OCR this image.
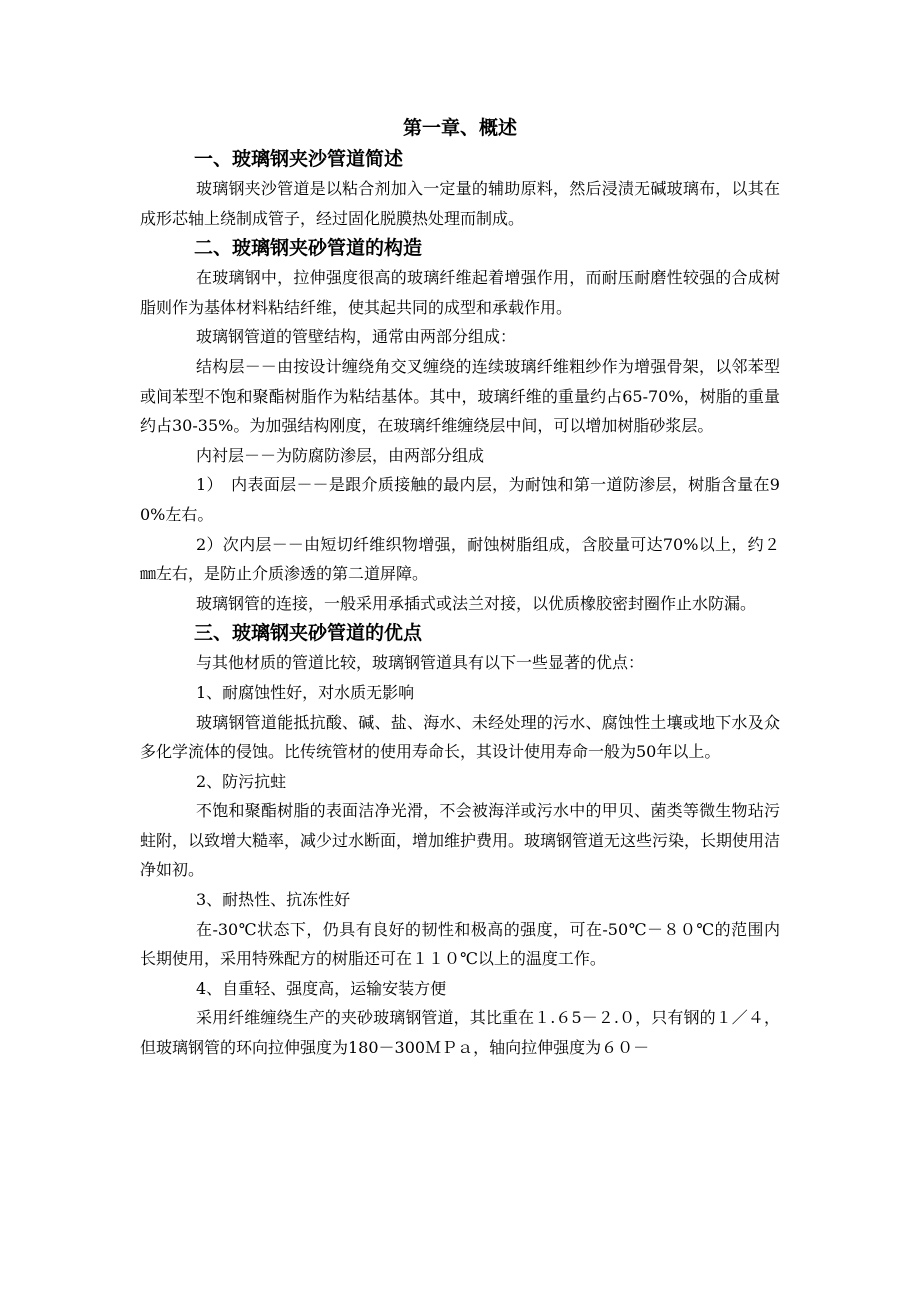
第一章、概述
一、玻璃钢夹沙管道简述

玻璃钢夹沙管道是以粘合剂加入一定量的辅助原料，然后浸渍无碱玻璃布，以其在成形芯轴上绕制成管子，经过固化脱膜热处理而制成。

二、玻璃钢夹砂管道的构造

在玻璃钢中，拉伸强度很高的玻璃纤维起着增强作用，而耐压耐磨性较强的合成树脂则作为基体材料粘结纤维，使其起共同的成型和承载作用。

玻璃钢管道的管壁结构，通常由两部分组成：

结构层－－由按设计缠绕角交叉缠绕的连续玻璃纤维粗纱作为增强骨架，以邻苯型或间苯型不饱和聚酯树脂作为粘结基体。其中，玻璃纤维的重量约占65-70%，树脂的重量约占30-35%。为加强结构刚度，在玻璃纤维缠绕层中间，可以增加树脂砂浆层。

内衬层－－为防腐防渗层，由两部分组成

1）　内表面层－－是跟介质接触的最内层，为耐蚀和第一道防渗层，树脂含量在90%左右。

2）次内层－－由短切纤维织物增强，耐蚀树脂组成，含胶量可达70%以上，约２㎜左右，是防止介质渗透的第二道屏障。

玻璃钢管的连接，一般采用承插式或法兰对接，以优质橡胶密封圈作止水防漏。

三、玻璃钢夹砂管道的优点

与其他材质的管道比较，玻璃钢管道具有以下一些显著的优点：

1、耐腐蚀性好，对水质无影响

玻璃钢管道能抵抗酸、碱、盐、海水、未经处理的污水、腐蚀性土壤或地下水及众多化学流体的侵蚀。比传统管材的使用寿命长，其设计使用寿命一般为50年以上。

2、防污抗蛀

不饱和聚酯树脂的表面洁净光滑，不会被海洋或污水中的甲贝、菌类等微生物玷污蛀附，以致增大糙率，减少过水断面，增加维护费用。玻璃钢管道无这些污染，长期使用洁净如初。

3、耐热性、抗冻性好

在-30℃状态下，仍具有良好的韧性和极高的强度，可在-50℃－８０℃的范围内长期使用，采用特殊配方的树脂还可在１１０℃以上的温度工作。

4、自重轻、强度高，运输安装方便

采用纤维缠绕生产的夹砂玻璃钢管道，其比重在１.６5－２.０，只有钢的１／４，但玻璃钢管的环向拉伸强度为180－300ＭＰａ，轴向拉伸强度为６０－
